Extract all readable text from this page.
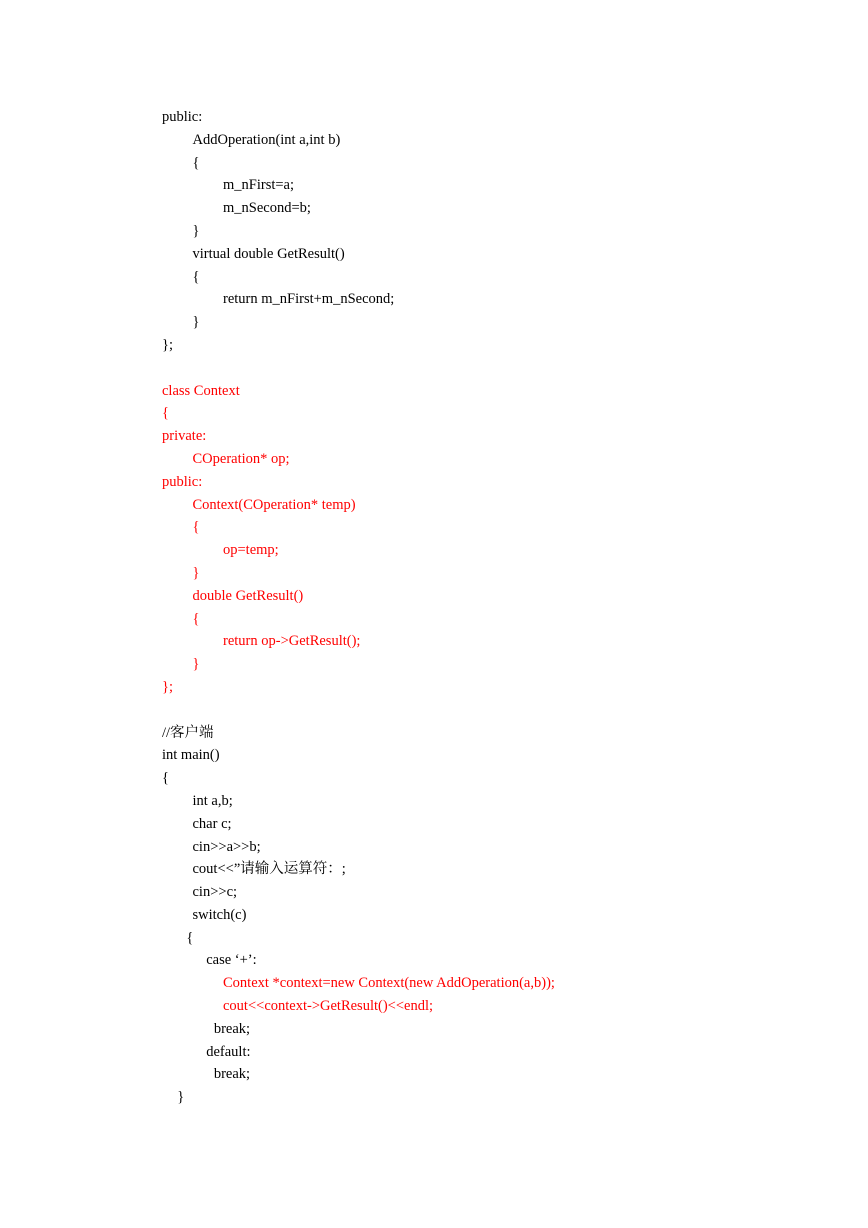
public:
AddOperation(int a,int b)
{
m_nFirst=a;
m_nSecond=b;
}
virtual double GetResult()
{
return m_nFirst+m_nSecond;
}
};
class Context
{
private:
COperation* op;
public:
Context(COperation* temp)
{
op=temp;
}
double GetResult()
{
return op->GetResult();
}
};
//客户端
int main()
{
int a,b;
char c;
cin>>a>>b;
cout<<”请输入运算符：;
cin>>c;
switch(c)
{
case ‘+’:
Context *context=new Context(new AddOperation(a,b));
cout<<context->GetResult()<<endl;
break;
default:
break;
}
